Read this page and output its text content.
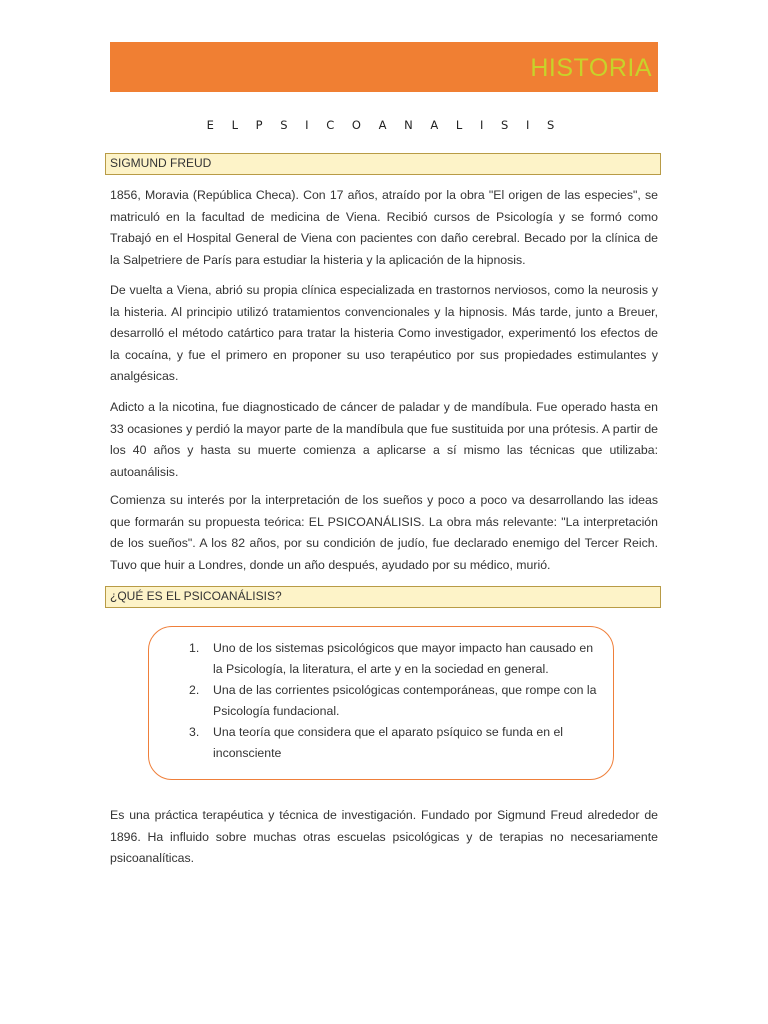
HISTORIA
E L P S I C O A N A L I S I S
SIGMUND FREUD

1856, Moravia (República Checa). Con 17 años, atraído por la obra "El origen de las especies", se matriculó en la facultad de medicina de Viena. Recibió cursos de Psicología y se formó como Trabajó en el Hospital General de Viena con pacientes con daño cerebral. Becado por la clínica de la Salpetriere de París para estudiar la histeria y la aplicación de la hipnosis.

De vuelta a Viena, abrió su propia clínica especializada en trastornos nerviosos, como la neurosis y la histeria. Al principio utilizó tratamientos convencionales y la hipnosis. Más tarde, junto a Breuer, desarrolló el método catártico para tratar la histeria Como investigador, experimentó los efectos de la cocaína, y fue el primero en proponer su uso terapéutico por sus propiedades estimulantes y analgésicas.

Adicto a la nicotina, fue diagnosticado de cáncer de paladar y de mandíbula. Fue operado hasta en 33 ocasiones y perdió la mayor parte de la mandíbula que fue sustituida por una prótesis. A partir de los 40 años y hasta su muerte comienza a aplicarse a sí mismo las técnicas que utilizaba: autoanálisis.

Comienza su interés por la interpretación de los sueños y poco a poco va desarrollando las ideas que formarán su propuesta teórica: EL PSICOANÁLISIS. La obra más relevante: "La interpretación de los sueños". A los 82 años, por su condición de judío, fue declarado enemigo del Tercer Reich. Tuvo que huir a Londres, donde un año después, ayudado por su médico, murió.

¿QUÉ ES EL PSICOANÁLISIS?
1.	Uno de los sistemas psicológicos que mayor impacto han causado en la Psicología, la literatura, el arte y en la sociedad en general.
2.	Una de las corrientes psicológicas contemporáneas, que rompe con la Psicología fundacional.
3.	Una teoría que considera que el aparato psíquico se funda en el inconsciente

Es una práctica terapéutica y técnica de investigación. Fundado por Sigmund Freud alrededor de 1896. Ha influido sobre muchas otras escuelas psicológicas y de terapias no necesariamente psicoanalíticas.
